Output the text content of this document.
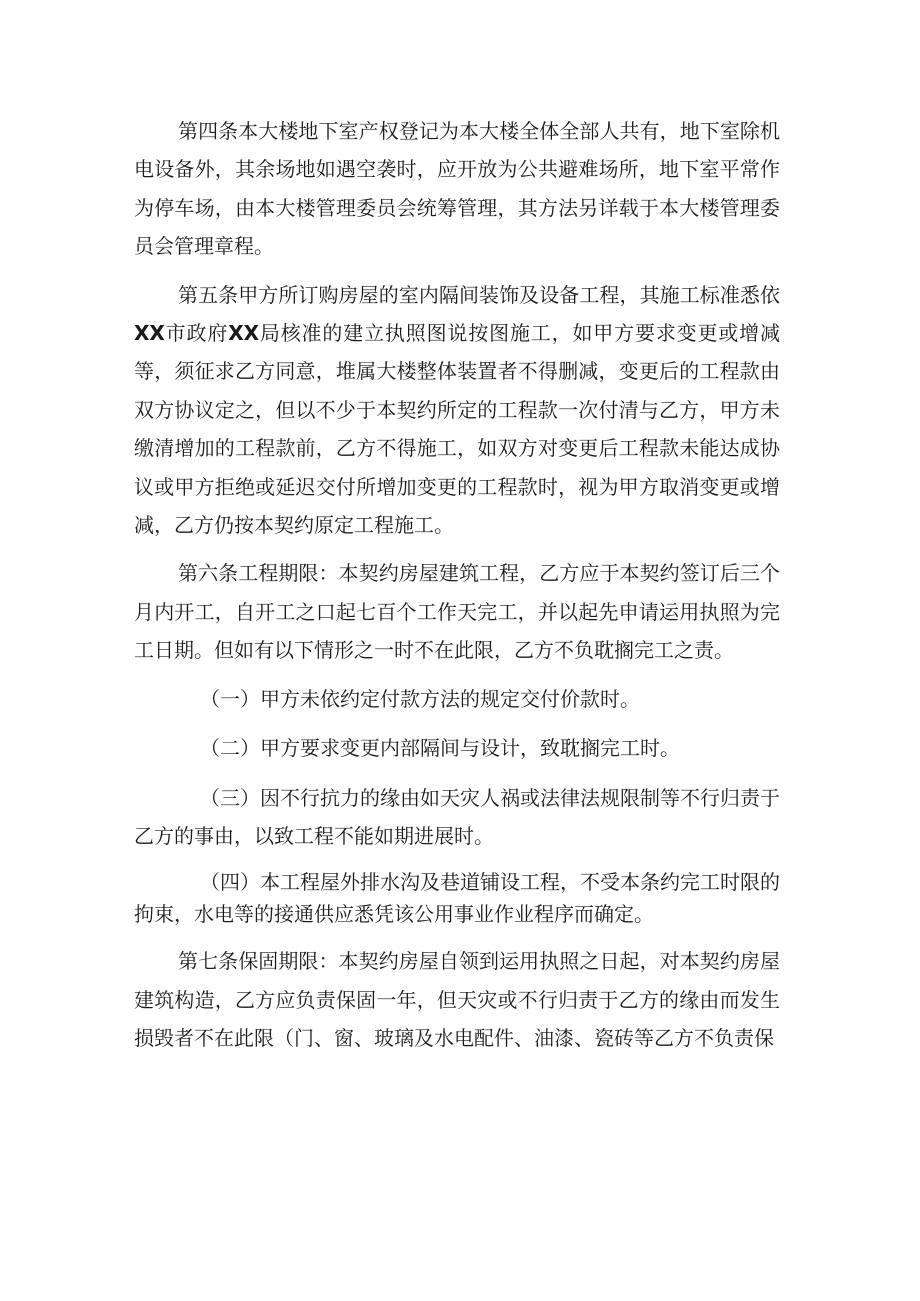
第四条本大楼地下室产权登记为本大楼全体全部人共有，地下室除机电设备外，其余场地如遇空袭时，应开放为公共避难场所，地下室平常作为停车场，由本大楼管理委员会统筹管理，其方法另详载于本大楼管理委员会管理章程。

第五条甲方所订购房屋的室内隔间装饰及设备工程，其施工标准悉依XX市政府XX局核准的建立执照图说按图施工，如甲方要求变更或增减等，须征求乙方同意，堆属大楼整体装置者不得删减，变更后的工程款由双方协议定之，但以不少于本契约所定的工程款一次付清与乙方，甲方未缴清增加的工程款前，乙方不得施工，如双方对变更后工程款未能达成协议或甲方拒绝或延迟交付所增加变更的工程款时，视为甲方取消变更或增减，乙方仍按本契约原定工程施工。

第六条工程期限：本契约房屋建筑工程，乙方应于本契约签订后三个月内开工，自开工之口起七百个工作天完工，并以起先申请运用执照为完工日期。但如有以下情形之一时不在此限，乙方不负耽搁完工之责。

（一）甲方未依约定付款方法的规定交付价款时。

（二）甲方要求变更内部隔间与设计，致耽搁完工时。

（三）因不行抗力的缘由如天灾人祸或法律法规限制等不行归责于乙方的事由，以致工程不能如期进展时。

（四）本工程屋外排水沟及巷道铺设工程，不受本条约完工时限的拘束，水电等的接通供应悉凭该公用事业作业程序而确定。

第七条保固期限：本契约房屋自领到运用执照之日起，对本契约房屋建筑构造，乙方应负责保固一年，但天灾或不行归责于乙方的缘由而发生损毁者不在此限（门、窗、玻璃及水电配件、油漆、瓷砖等乙方不负责保
